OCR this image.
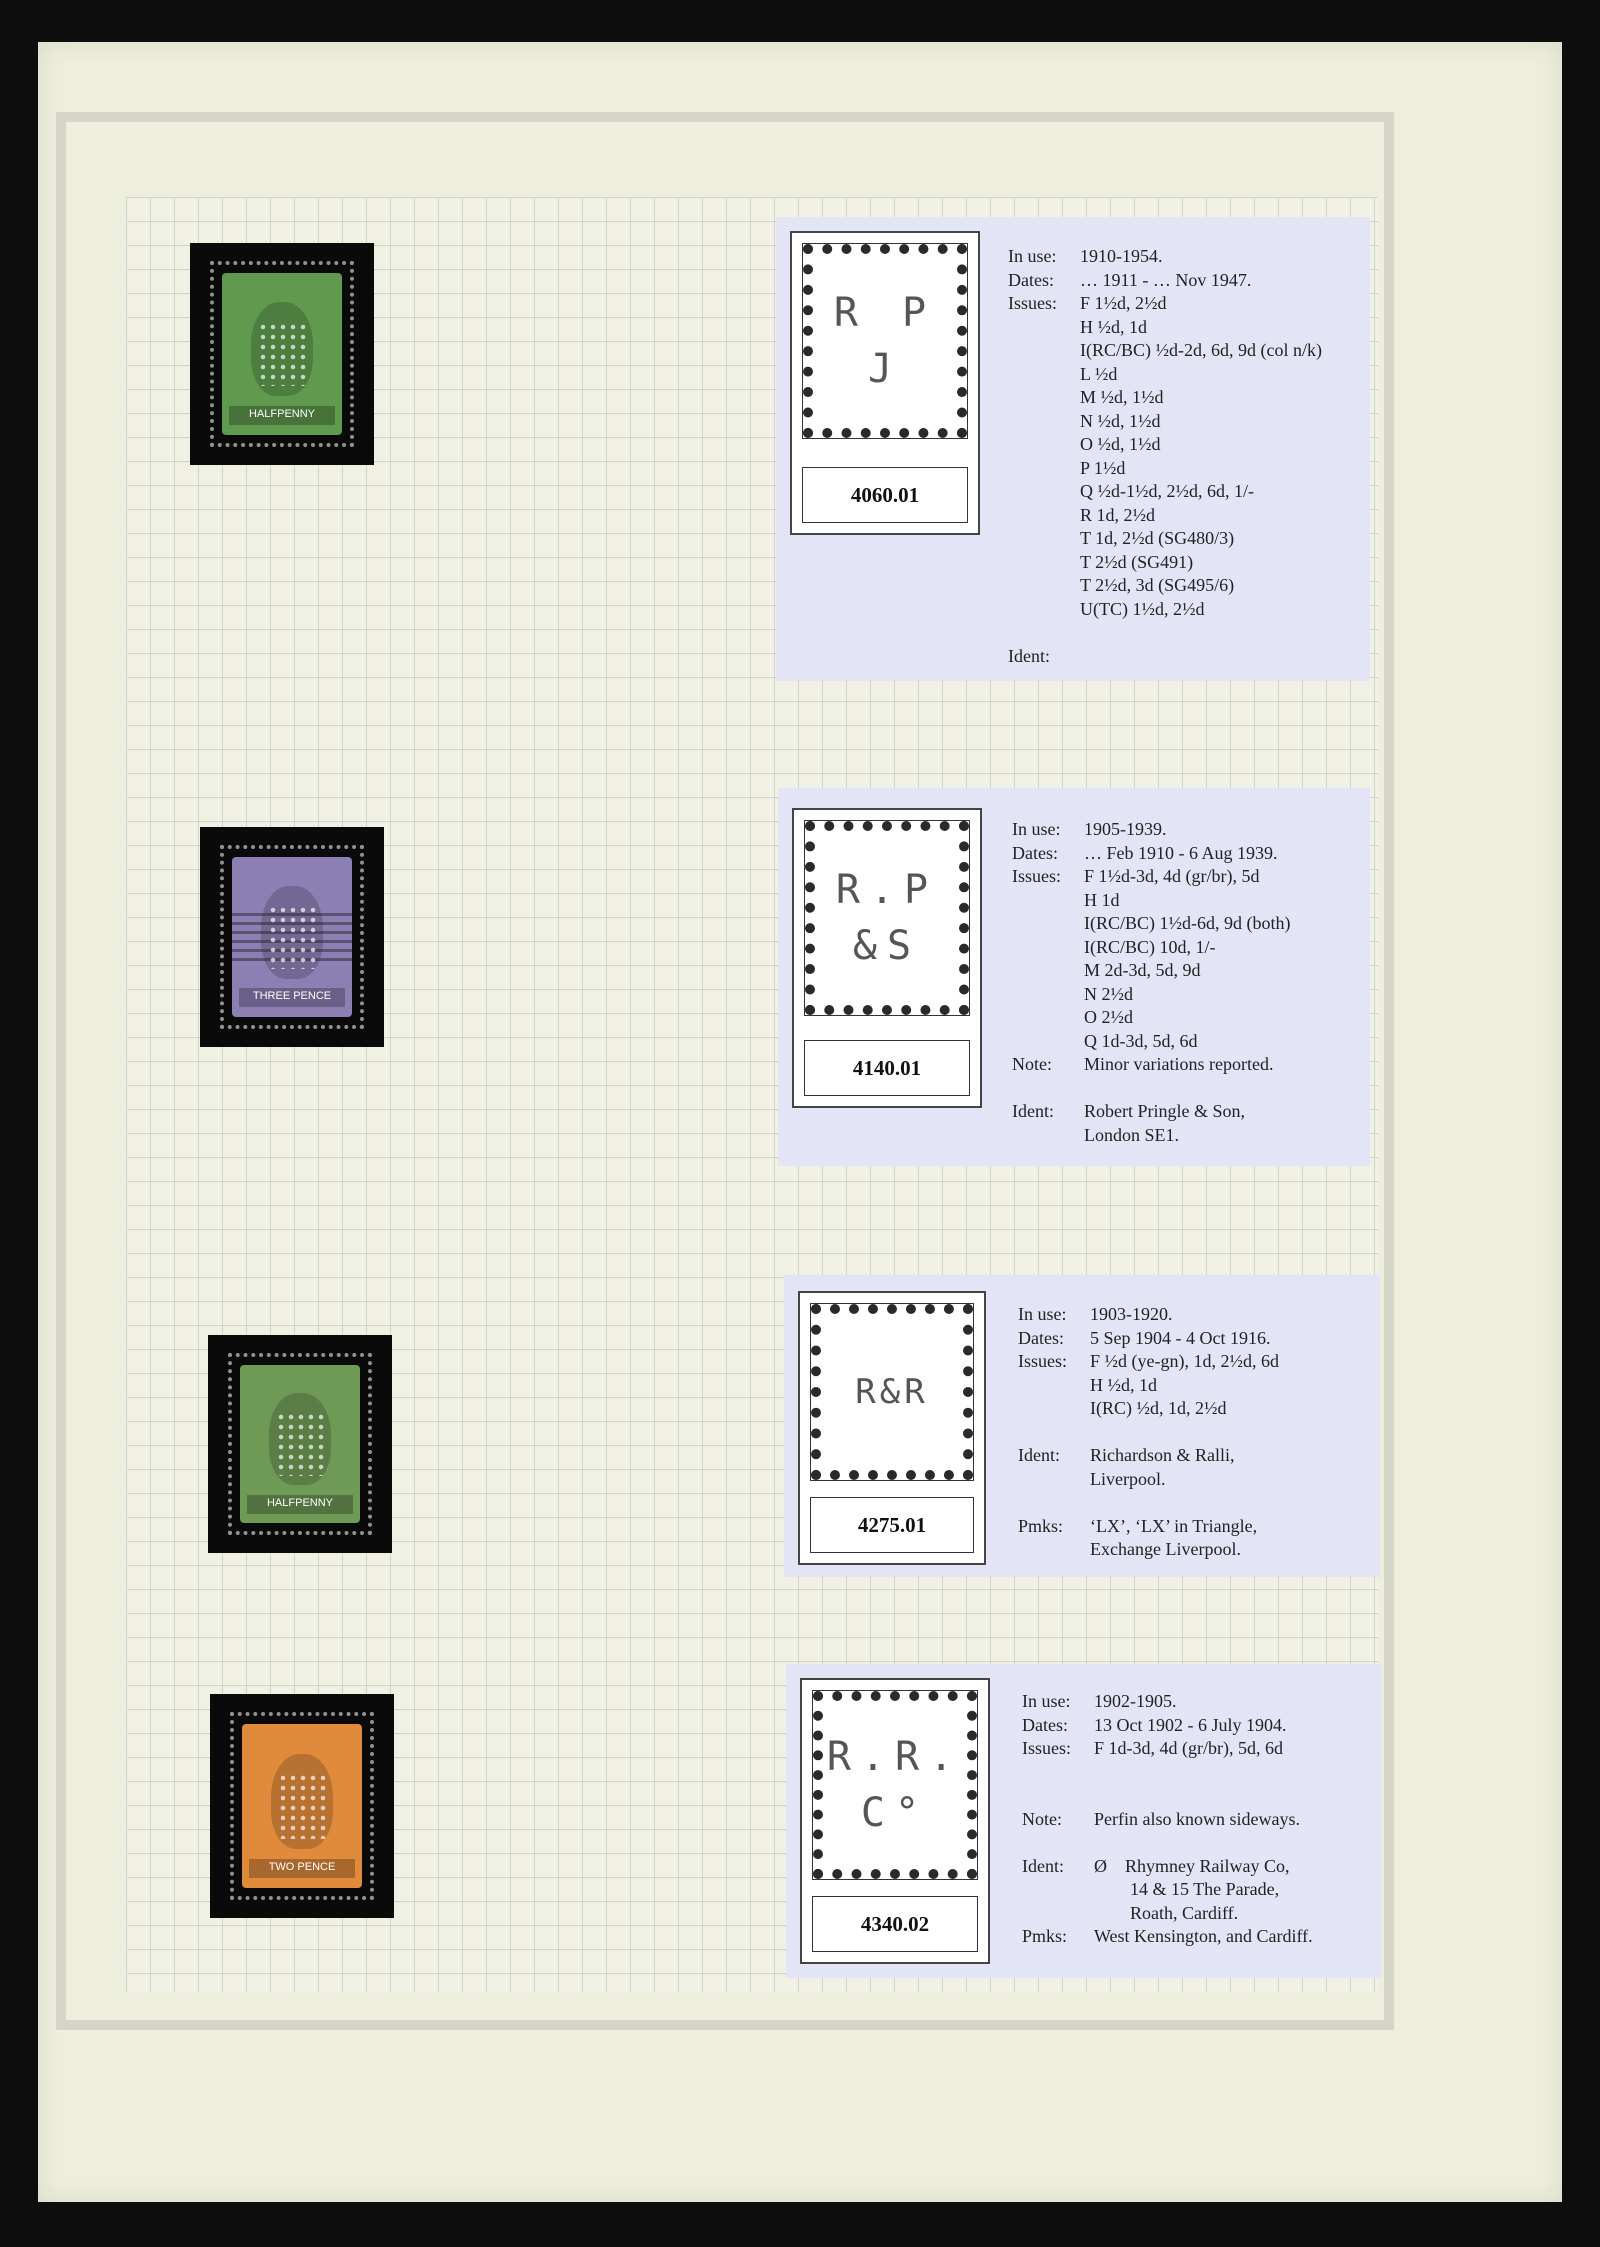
HALFPENNY
R P
J
4060.01
In use: 1910-1954.
Dates: … 1911 - … Nov 1947.
Issues: F 1½d, 2½d
H ½d, 1d
I(RC/BC) ½d-2d, 6d, 9d (col n/k)
L ½d
M ½d, 1½d
N ½d, 1½d
O ½d, 1½d
P 1½d
Q ½d-1½d, 2½d, 6d, 1/-
R 1d, 2½d
T 1d, 2½d (SG480/3)
T 2½d (SG491)
T 2½d, 3d (SG495/6)
U(TC) 1½d, 2½d
Ident:
THREE PENCE
R.P
&S
4140.01
In use: 1905-1939.
Dates: … Feb 1910 - 6 Aug 1939.
Issues: F 1½d-3d, 4d (gr/br), 5d
H 1d
I(RC/BC) 1½d-6d, 9d (both)
I(RC/BC) 10d, 1/-
M 2d-3d, 5d, 9d
N 2½d
O 2½d
Q 1d-3d, 5d, 6d
Note: Minor variations reported.
Ident: Robert Pringle & Son,
London SE1.
HALFPENNY
R&R
4275.01
In use: 1903-1920.
Dates: 5 Sep 1904 - 4 Oct 1916.
Issues: F ½d (ye-gn), 1d, 2½d, 6d
H ½d, 1d
I(RC) ½d, 1d, 2½d
Ident: Richardson & Ralli,
Liverpool.
Pmks: ‘LX’, ‘LX’ in Triangle,
Exchange Liverpool.
TWO PENCE
R.R.
C°
4340.02
In use: 1902-1905.
Dates: 13 Oct 1902 - 6 July 1904.
Issues: F 1d-3d, 4d (gr/br), 5d, 6d
Note: Perfin also known sideways.
Ident: Ø    Rhymney Railway Co,
14 & 15 The Parade,
Roath, Cardiff.
Pmks: West Kensington, and Cardiff.
